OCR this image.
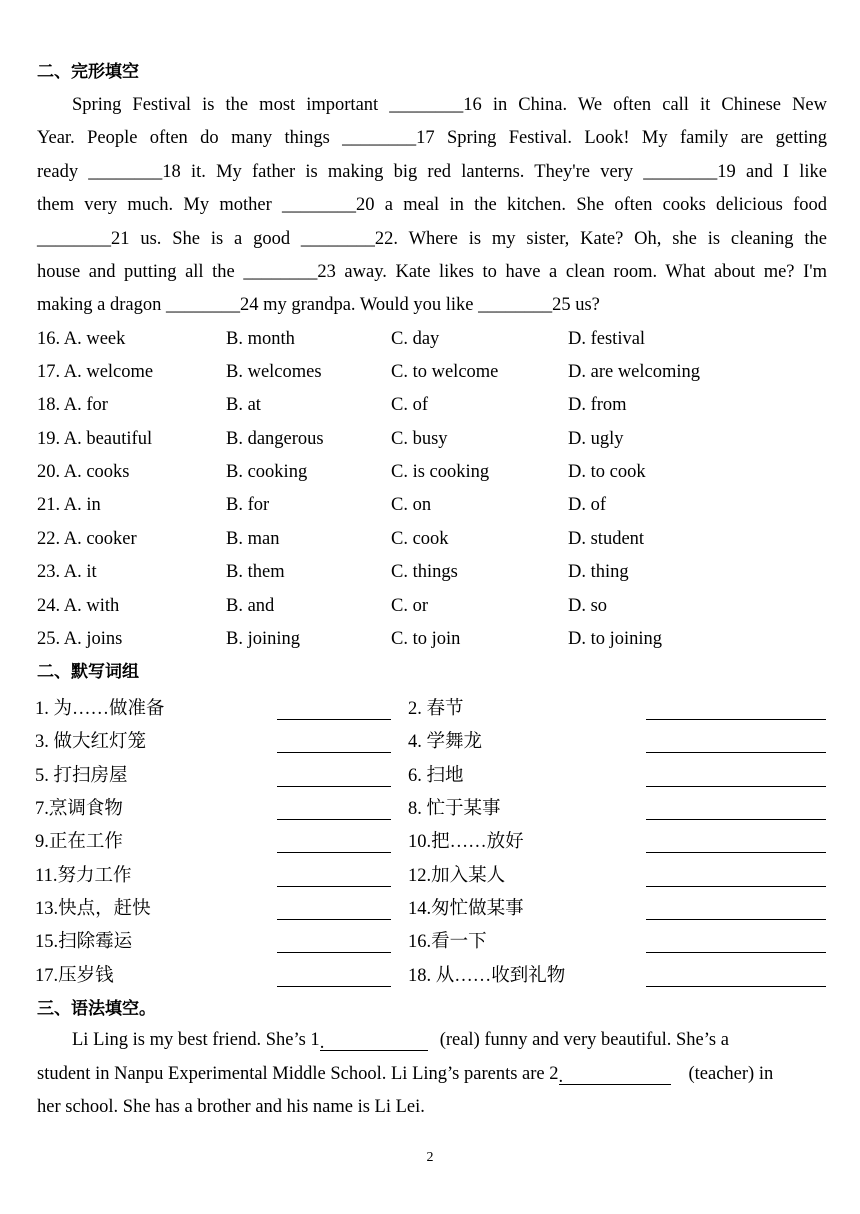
二、完形填空

Spring Festival is the most important ________16 in China. We often call it Chinese New
Year. People often do many things ________17 Spring Festival. Look! My family are getting
ready ________18 it. My father is making big red lanterns. They're very ________19 and I like
them very much. My mother ________20 a meal in the kitchen. She often cooks delicious food
________21 us. She is a good ________22. Where is my sister, Kate? Oh, she is cleaning the
house and putting all the ________23 away. Kate likes to have a clean room. What about me? I'm
making a dragon ________24 my grandpa. Would you like ________25 us?

16. A. week	B. month	C. day	D. festival
17. A. welcome	B. welcomes	C. to welcome	D. are welcoming
18. A. for	B. at	C. of	D. from
19. A. beautiful	B. dangerous	C. busy	D. ugly
20. A. cooks	B. cooking	C. is cooking	D. to cook
21. A. in	B. for	C. on	D. of
22. A. cooker	B. man	C. cook	D. student
23. A. it	B. them	C. things	D. thing
24. A. with	B. and	C. or	D. so
25. A. joins	B. joining	C. to join	D. to joining
二、默写词组
1. 为……做准备	2. 春节
3. 做大红灯笼	4. 学舞龙
5. 打扫房屋	6. 扫地
7.烹调食物	8. 忙于某事
9.正在工作	10.把……放好
11.努力工作	12.加入某人
13.快点，赶快	14.匆忙做某事
15.扫除霉运	16.看一下
17.压岁钱	18. 从……收到礼物
三、语法填空。
Li Ling is my best friend. She’s 1.	(real) funny and very beautiful. She’s a
student in Nanpu Experimental Middle School. Li Ling’s parents are 2.	(teacher) in
her school. She has a brother and his name is Li Lei.
2
